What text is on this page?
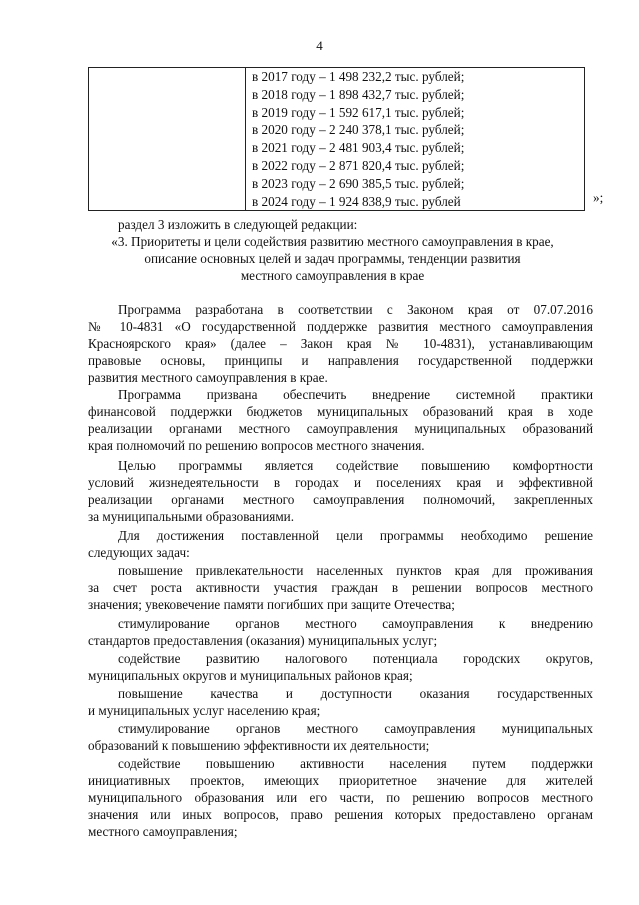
4

в 2017 году – 1 498 232,2 тыс. рублей;
в 2018 году – 1 898 432,7 тыс. рублей;
в 2019 году – 1 592 617,1 тыс. рублей;
в 2020 году – 2 240 378,1 тыс. рублей;
в 2021 году – 2 481 903,4 тыс. рублей;
в 2022 году – 2 871 820,4 тыс. рублей;
в 2023 году – 2 690 385,5 тыс. рублей;
в 2024 году – 1 924 838,9 тыс. рублей	»;
раздел 3 изложить в следующей редакции:
«3. Приоритеты и цели содействия развитию местного самоуправления в крае,
описание основных целей и задач программы, тенденции развития
местного самоуправления в крае
Программа разработана в соответствии с Законом края от 07.07.2016
№ 10-4831 «О государственной поддержке развития местного самоуправления
Красноярского края» (далее – Закон края № 10-4831), устанавливающим
правовые основы, принципы и направления государственной поддержки
развития местного самоуправления в крае.
Программа призвана обеспечить внедрение системной практики
финансовой поддержки бюджетов муниципальных образований края в ходе
реализации органами местного самоуправления муниципальных образований
края полномочий по решению вопросов местного значения.
Целью программы является содействие повышению комфортности
условий жизнедеятельности в городах и поселениях края и эффективной
реализации органами местного самоуправления полномочий, закрепленных
за муниципальными образованиями.
Для достижения поставленной цели программы необходимо решение
следующих задач:
повышение привлекательности населенных пунктов края для проживания
за счет роста активности участия граждан в решении вопросов местного
значения; увековечение памяти погибших при защите Отечества;
стимулирование органов местного самоуправления к внедрению
стандартов предоставления (оказания) муниципальных услуг;
содействие развитию налогового потенциала городских округов,
муниципальных округов и муниципальных районов края;
повышение качества и доступности оказания государственных
и муниципальных услуг населению края;
стимулирование органов местного самоуправления муниципальных
образований к повышению эффективности их деятельности;
содействие повышению активности населения путем поддержки
инициативных проектов, имеющих приоритетное значение для жителей
муниципального образования или его части, по решению вопросов местного
значения или иных вопросов, право решения которых предоставлено органам
местного самоуправления;
